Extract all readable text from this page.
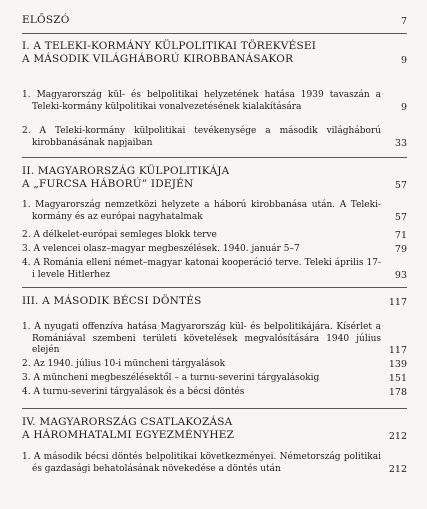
ELŐSZÓ	7
I. A TELEKI-KORMÁNY KÜLPOLITIKAI TÖREKVÉSEI
A MÁSODIK VILÁGHÁBORÚ KIROBBANÁSAKOR	9
1. Magyarország kül- és belpolitikai helyzetének hatása 1939 tavaszán a Teleki-kormány külpolitikai vonalvezetésének kialakítására	9
2. A Teleki-kormány külpolitikai tevékenysége a második világháború kirobbanásának napjaiban	33
II. MAGYARORSZÁG KÜLPOLITIKÁJA
A „FURCSA HÁBORÚ” IDEJÉN	57
1. Magyarország nemzetközi helyzete a háború kirobbanása után. A Teleki-kormány és az európai nagyhatalmak	57
2. A délkelet-európai semleges blokk terve	71
3. A velencei olasz–magyar megbeszélések. 1940. január 5–7	79
4. A Románia elleni német–magyar katonai kooperáció terve. Teleki április 17-i levele Hitlerhez	93
III. A MÁSODIK BÉCSI DÖNTÉS	117
1. A nyugati offenzíva hatása Magyarország kül- és belpolitikájára. Kísérlet a Romániával szembeni területi követelések megvalósítására 1940 július elején	117
2. Az 1940. július 10-i müncheni tárgyalások	139
3. A müncheni megbeszélésektől – a turnu-severini tárgyalásokig	151
4. A turnu-severini tárgyalások és a bécsi döntés	178
IV. MAGYARORSZÁG CSATLAKOZÁSA
A HÁROMHATALMI EGYEZMÉNYHEZ	212
1. A második bécsi döntés belpolitikai következményei. Németország politikai és gazdasági behatolásának növekedése a döntés után	212
